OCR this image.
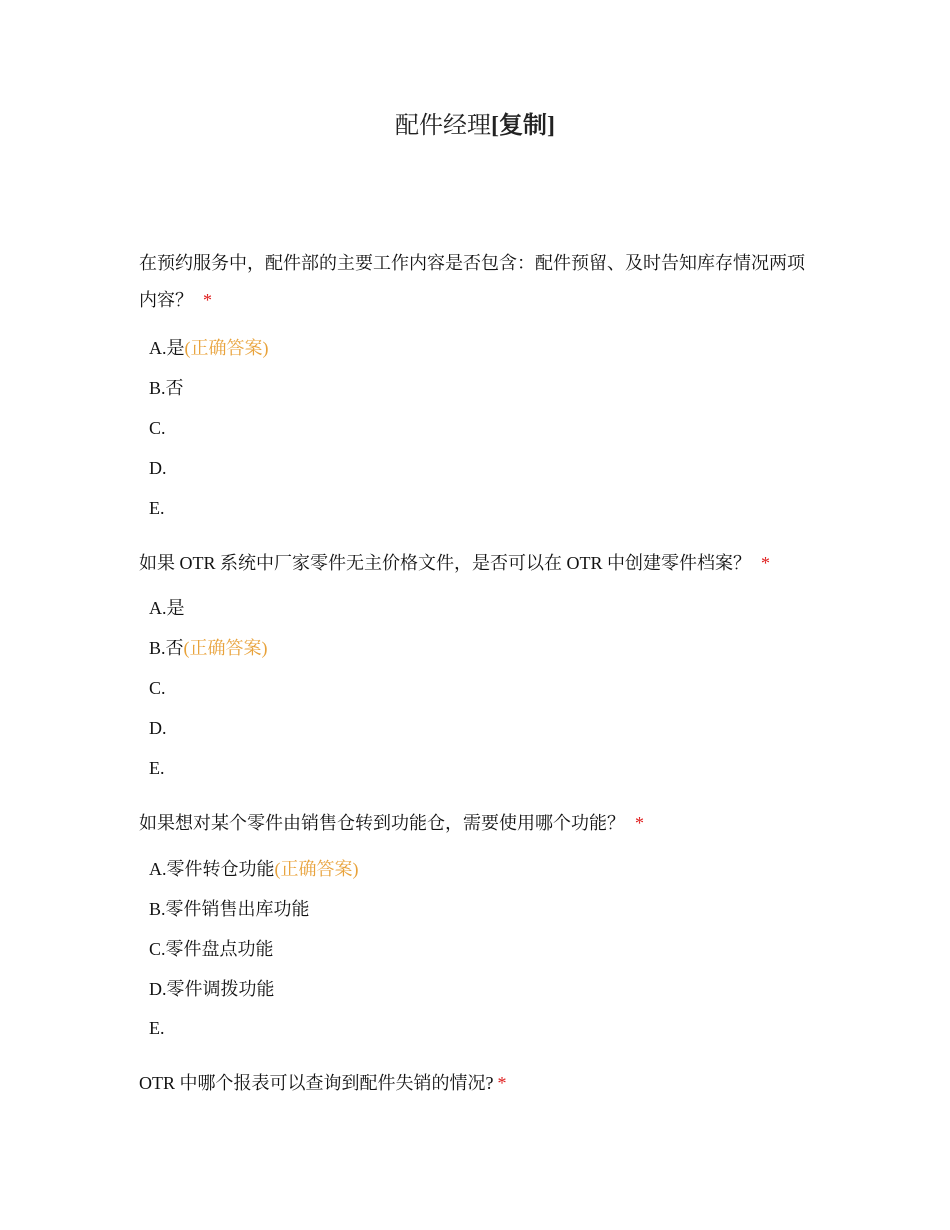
配件经理[复制]
在预约服务中，配件部的主要工作内容是否包含：配件预留、及时告知库存情况两项内容？ *
A.是(正确答案)
B.否
C.
D.
E.
如果 OTR 系统中厂家零件无主价格文件，是否可以在 OTR 中创建零件档案？ *
A.是
B.否(正确答案)
C.
D.
E.
如果想对某个零件由销售仓转到功能仓，需要使用哪个功能？ *
A.零件转仓功能(正确答案)
B.零件销售出库功能
C.零件盘点功能
D.零件调拨功能
E.
OTR 中哪个报表可以查询到配件失销的情况? *
